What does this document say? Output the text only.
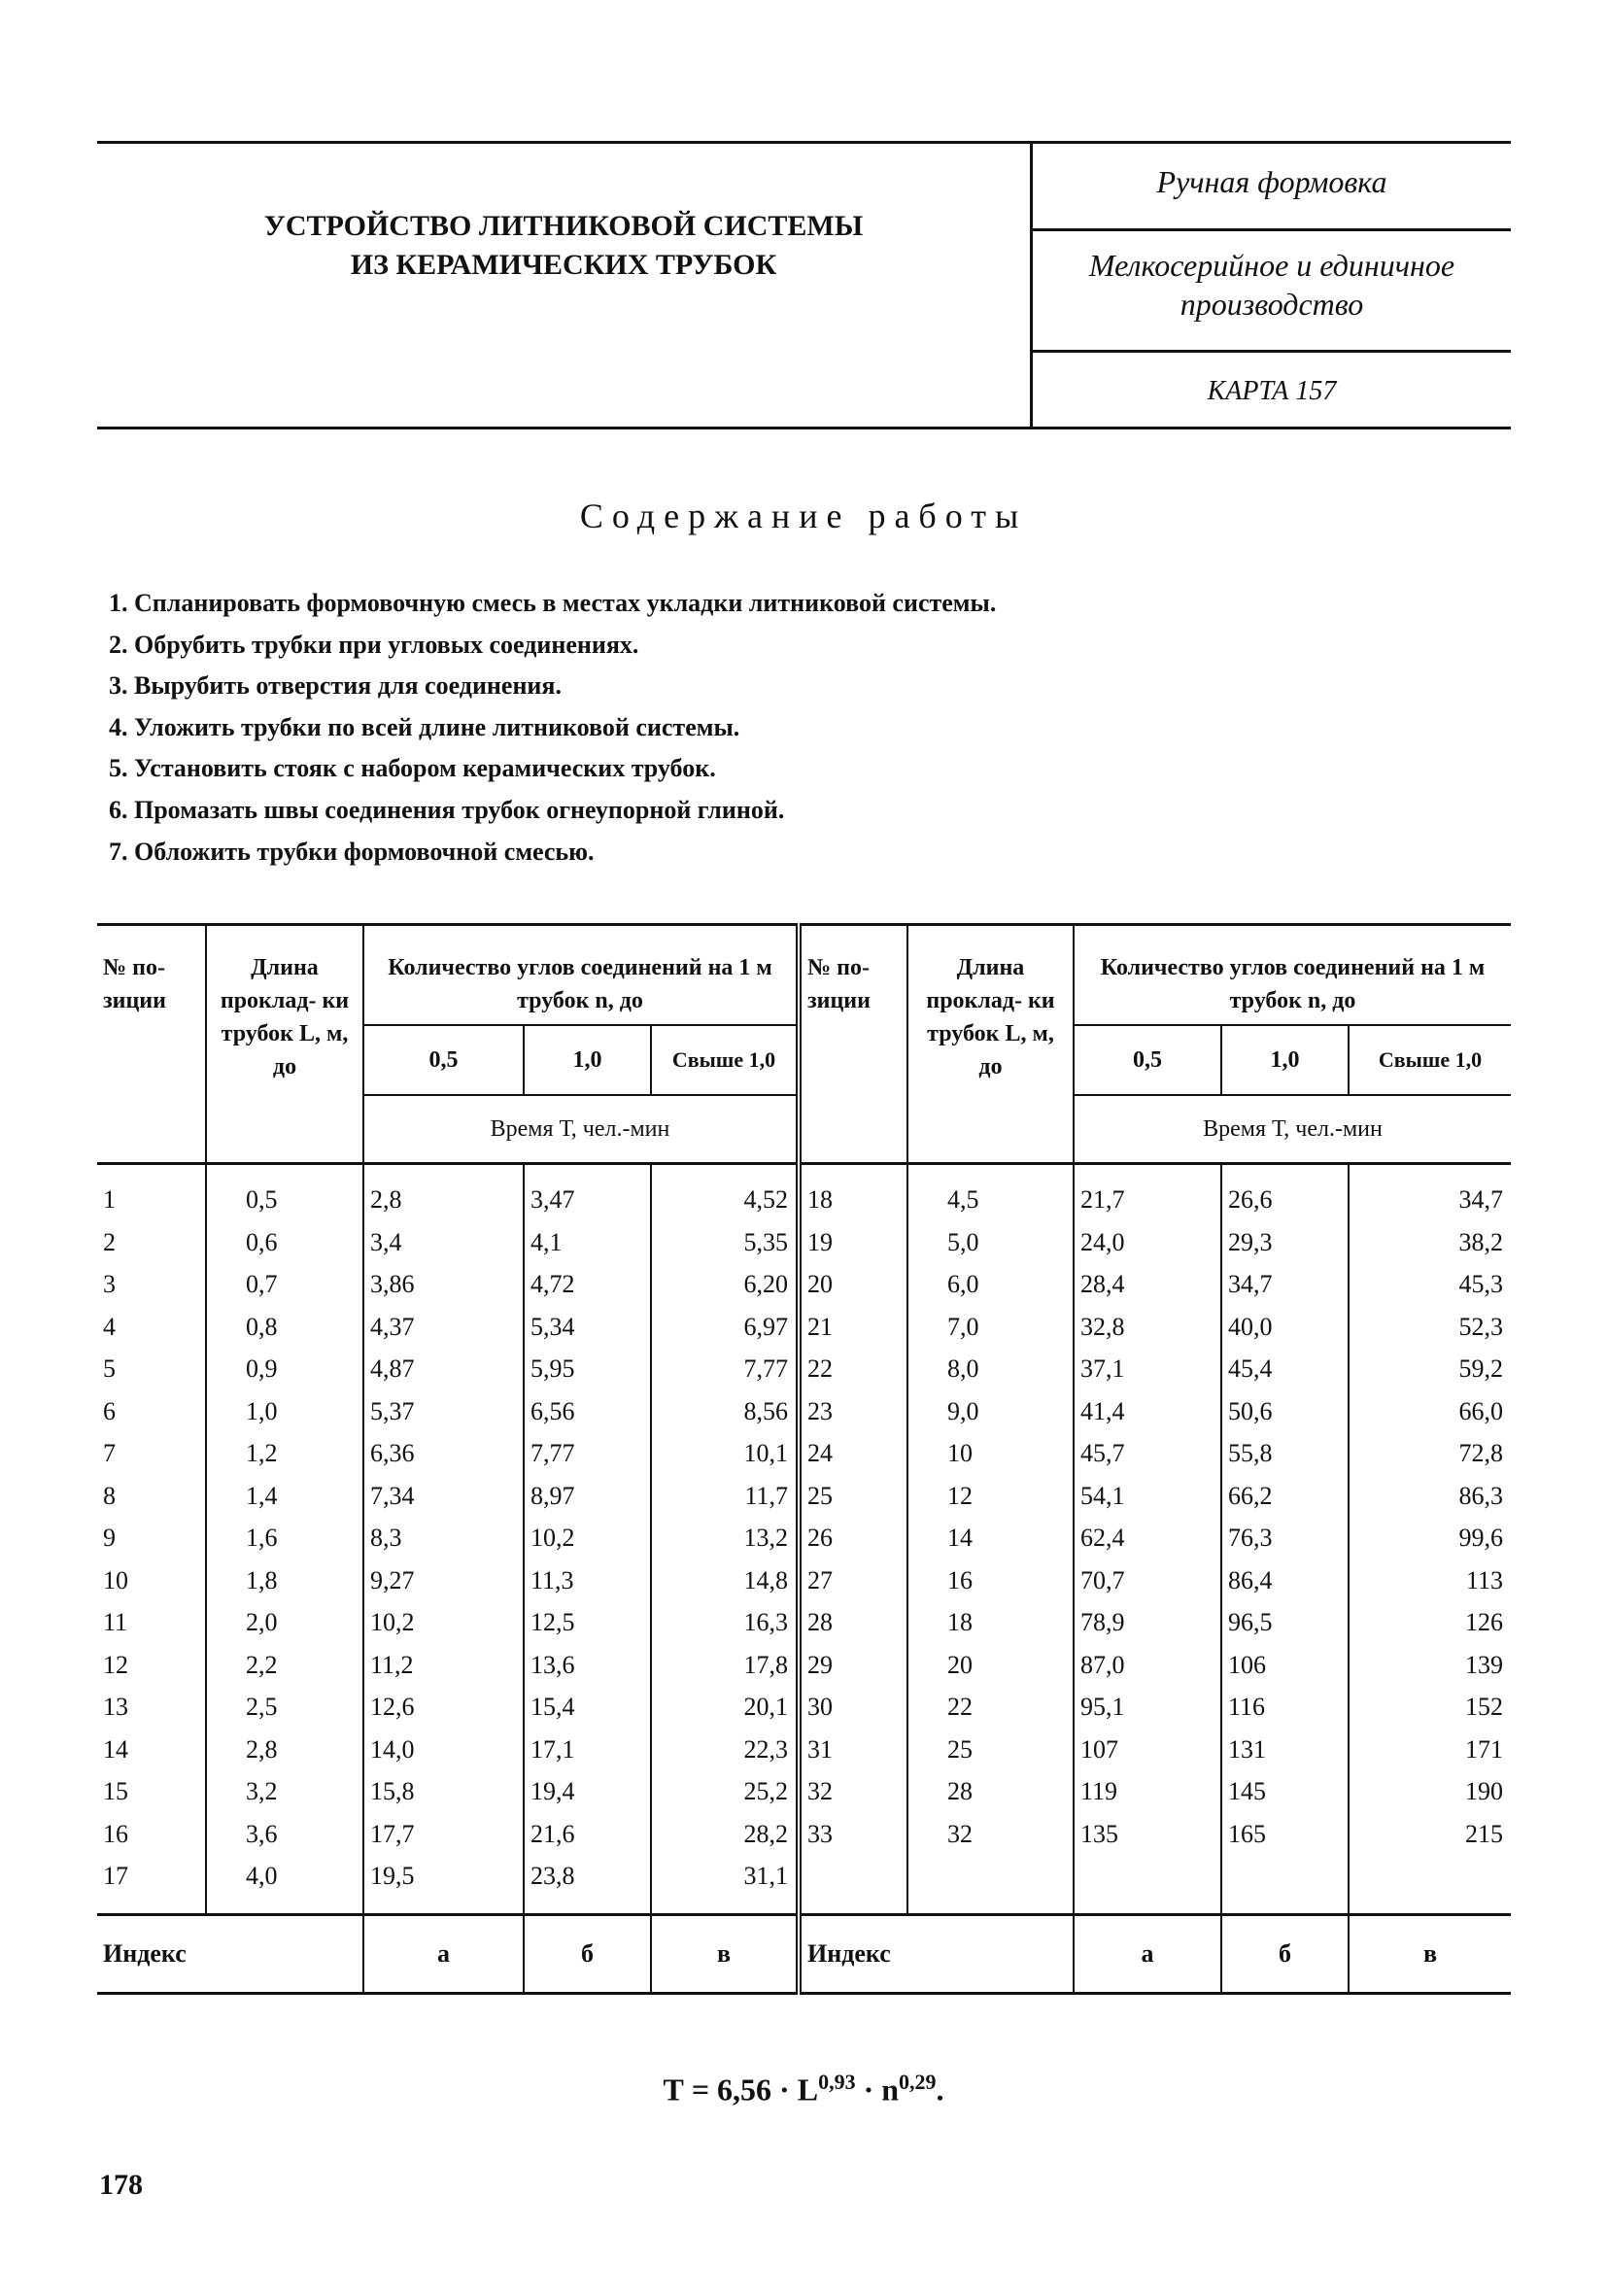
УСТРОЙСТВО ЛИТНИКОВОЙ СИСТЕМЫ
ИЗ КЕРАМИЧЕСКИХ ТРУБОК
Ручная формовка
Мелкосерийное и единичное
производство
КАРТА 157
Содержание работы
1. Спланировать формовочную смесь в местах укладки литниковой системы.
2. Обрубить трубки при угловых соединениях.
3. Вырубить отверстия для соединения.
4. Уложить трубки по всей длине литниковой системы.
5. Установить стояк с набором керамических трубок.
6. Промазать швы соединения трубок огнеупорной глиной.
7. Обложить трубки формовочной смесью.
№ по- зиции	Длина проклад- ки трубок L, м, до	Количество углов соединений на 1 м трубок n, до			№ по- зиции	Длина проклад- ки трубок L, м, до	Количество углов соединений на 1 м трубок n, до		
		0,5	1,0	Свыше 1,0			0,5	1,0	Свыше 1,0
		Время Т, чел.-мин					Время Т, чел.-мин		
1	0,5	2,8	3,47	4,52	18	4,5	21,7	26,6	34,7
2	0,6	3,4	4,1	5,35	19	5,0	24,0	29,3	38,2
3	0,7	3,86	4,72	6,20	20	6,0	28,4	34,7	45,3
4	0,8	4,37	5,34	6,97	21	7,0	32,8	40,0	52,3
5	0,9	4,87	5,95	7,77	22	8,0	37,1	45,4	59,2
6	1,0	5,37	6,56	8,56	23	9,0	41,4	50,6	66,0
7	1,2	6,36	7,77	10,1	24	10	45,7	55,8	72,8
8	1,4	7,34	8,97	11,7	25	12	54,1	66,2	86,3
9	1,6	8,3	10,2	13,2	26	14	62,4	76,3	99,6
10	1,8	9,27	11,3	14,8	27	16	70,7	86,4	113
11	2,0	10,2	12,5	16,3	28	18	78,9	96,5	126
12	2,2	11,2	13,6	17,8	29	20	87,0	106	139
13	2,5	12,6	15,4	20,1	30	22	95,1	116	152
14	2,8	14,0	17,1	22,3	31	25	107	131	171
15	3,2	15,8	19,4	25,2	32	28	119	145	190
16	3,6	17,7	21,6	28,2	33	32	135	165	215
17	4,0	19,5	23,8	31,1					
Индекс		а	б	в	Индекс		а	б	в
$Т = 6,56 \cdot L^{0,93} \cdot n^{0,29}$.
178
